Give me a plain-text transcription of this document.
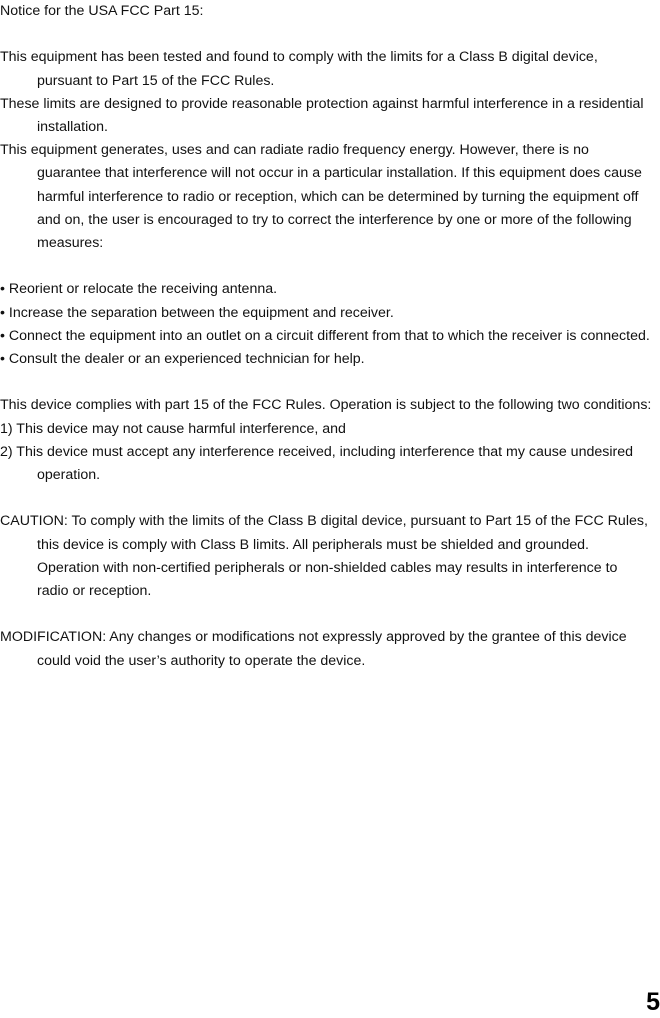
Notice for the USA FCC Part 15:

This equipment has been tested and found to comply with the limits for a Class B digital device, pursuant to Part 15 of the FCC Rules.

These limits are designed to provide reasonable protection against harmful interference in a residential installation.

This equipment generates, uses and can radiate radio frequency energy. However, there is no guarantee that interference will not occur in a particular installation. If this equipment does cause harmful interference to radio or reception, which can be determined by turning the equipment off and on, the user is encouraged to try to correct the interference by one or more of the following measures:

• Reorient or relocate the receiving antenna.

• Increase the separation between the equipment and receiver.

• Connect the equipment into an outlet on a circuit different from that to which the receiver is connected.

• Consult the dealer or an experienced technician for help.

This device complies with part 15 of the FCC Rules. Operation is subject to the following two conditions:

1) This device may not cause harmful interference, and

2) This device must accept any interference received, including interference that my cause undesired operation.

CAUTION: To comply with the limits of the Class B digital device, pursuant to Part 15 of the FCC Rules, this device is comply with Class B limits. All peripherals must be shielded and grounded. Operation with non-certified peripherals or non-shielded cables may results in interference to radio or reception.

MODIFICATION: Any changes or modifications not expressly approved by the grantee of this device could void the user’s authority to operate the device.

5
